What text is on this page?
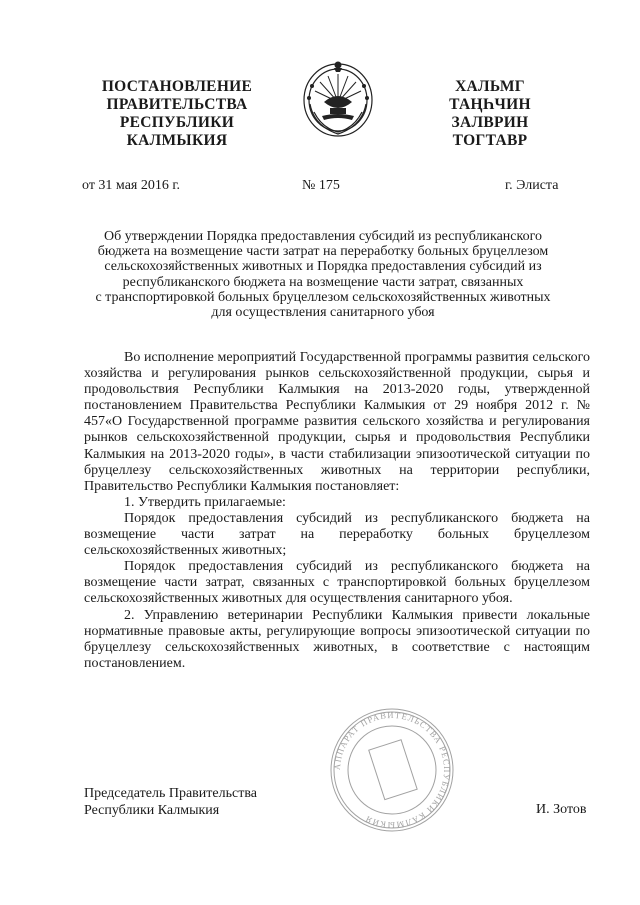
ПОСТАНОВЛЕНИЕ
ПРАВИТЕЛЬСТВА
РЕСПУБЛИКИ
КАЛМЫКИЯ
ХАЛЬМГ
ТАҢҺЧИН
ЗАЛВРИН
ТОГТАВР
от 31 мая 2016 г.	№ 175	г. Элиста
Об утверждении Порядка предоставления субсидий из республиканского
бюджета на возмещение части затрат на переработку больных бруцеллезом
сельскохозяйственных животных и Порядка предоставления субсидий из
республиканского бюджета на возмещение части затрат, связанных
с транспортировкой больных бруцеллезом сельскохозяйственных животных
для осуществления санитарного убоя

Во исполнение мероприятий Государственной программы развития сельского хозяйства и регулирования рынков сельскохозяйственной продукции, сырья и продовольствия Республики Калмыкия на 2013-2020 годы, утвержденной постановлением Правительства Республики Калмыкия от 29 ноября 2012 г. № 457«О Государственной программе развития сельского хозяйства и регулирования рынков сельскохозяйственной продукции, сырья и продовольствия Республики Калмыкия на 2013-2020 годы», в части стабилизации эпизоотической ситуации по бруцеллезу сельскохозяйственных животных на территории республики, Правительство Республики Калмыкия постановляет:

1. Утвердить прилагаемые:

Порядок предоставления субсидий из республиканского бюджета на возмещение части затрат на переработку больных бруцеллезом сельскохозяйственных животных;

Порядок предоставления субсидий из республиканского бюджета на возмещение части затрат, связанных с транспортировкой больных бруцеллезом сельскохозяйственных животных для осуществления санитарного убоя.

2. Управлению ветеринарии Республики Калмыкия привести локальные нормативные правовые акты, регулирующие вопросы эпизоотической ситуации по бруцеллезу сельскохозяйственных животных, в соответствие с настоящим постановлением.

АППАРАТ ПРАВИТЕЛЬСТВА РЕСПУБЛИКИ КАЛМЫКИЯ
Председатель Правительства
Республики Калмыкия	И. Зотов
